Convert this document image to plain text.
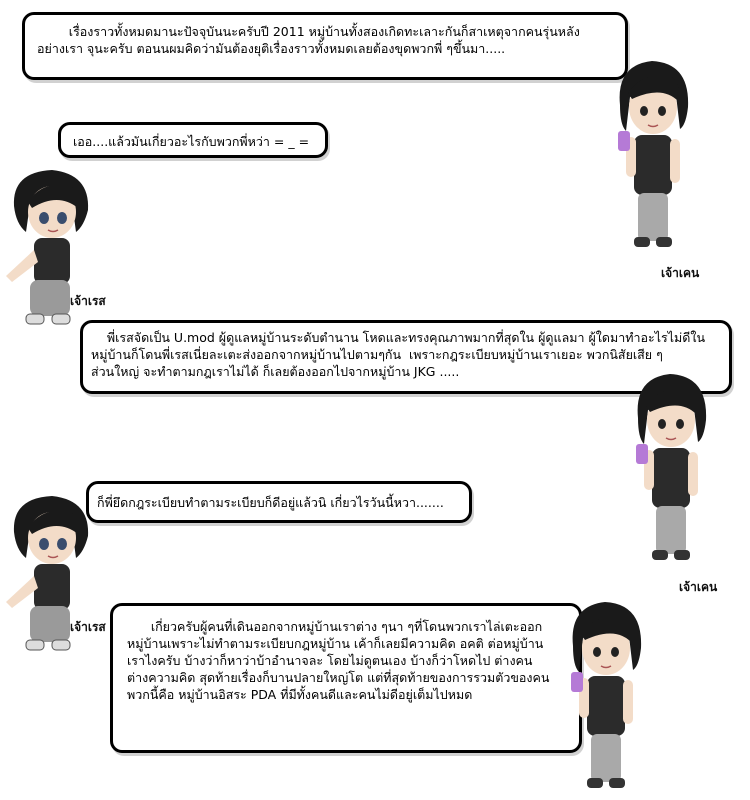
เรื่องราวทั้งหมดมานะปัจจุบันนะครับปี 2011 หมู่บ้านทั้งสองเกิดทะเลาะกันก็สาเหตุจากคนรุ่นหลัง
อย่างเรา จุนะครับ ตอนนผมคิดว่ามันต้องยุติเรื่องราวทั้งหมดเลยต้องขุดพวกพี่ ๆขึ้นมา.....
เออ....แล้วมันเกี่ยวอะไรกับพวกพี่หว่า = _ =
พี่เรสจัดเป็น U.mod ผู้ดูแลหมู่บ้านระดับตำนาน โหดและทรงคุณภาพมากที่สุดใน ผู้ดูแลมา ผู้ใดมาทำอะไรไม่ดีใน
หมู่บ้านก็โดนพี่เรสเนี่ยละเตะส่งออกจากหมู่บ้านไปตามๆกัน  เพราะกฎระเบียบหมู่บ้านเราเยอะ พวกนิสัยเสีย ๆ
ส่วนใหญ่ จะทำตามกฎเราไม่ได้ ก็เลยต้องออกไปจากหมู่บ้าน JKG .....
ก็พี่ยึดกฎระเบียบทำตามระเบียบก็ดีอยู่แล้วนิ เกี่ยวไรวันนี้หวา.......
เกี่ยวครับผู้คนที่เดินออกจากหมู่บ้านเราต่าง ๆนา ๆที่โดนพวกเราไล่เตะออก
หมู่บ้านเพราะไม่ทำตามระเบียบกฎหมู่บ้าน เค้าก็เลยมีความคิด อคติ ต่อหมู่บ้าน
เราไงครับ บ้างว่าก็หาว่าบ้าอำนาจละ โดยไม่ดูตนเอง บ้างก็ว่าโหดไป ต่างคน
ต่างความคิด สุดท้ายเรื่องก็บานปลายใหญ่โต แต่ที่สุดท้ายของการรวมตัวของคน
พวกนี้คือ หมู่บ้านอิสระ PDA ที่มีทั้งคนดีและคนไม่ดีอยู่เต็มไปหมด
เจ้าเคน
เจ้าเรส
เจ้าเคน
เจ้าเรส
